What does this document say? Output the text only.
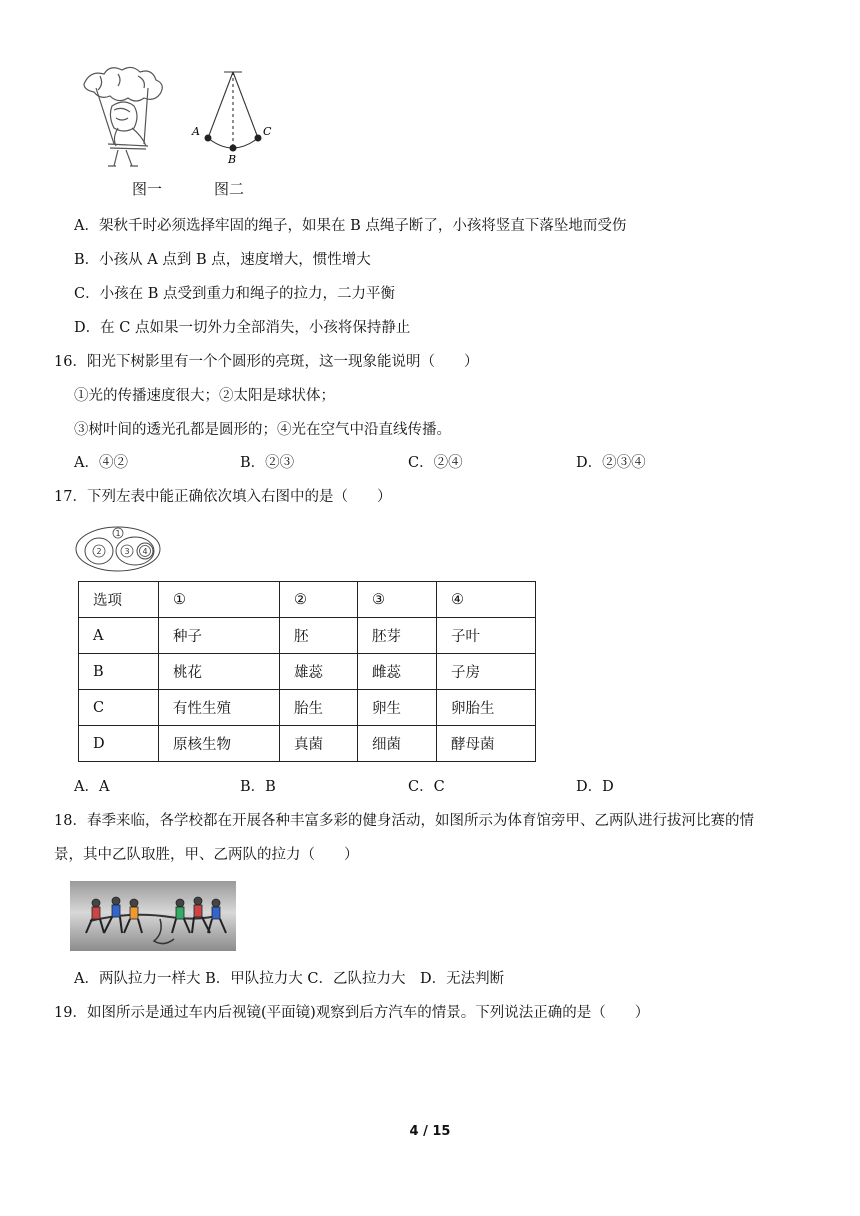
A
B
C
图一	图二
A．架秋千时必须选择牢固的绳子，如果在 B 点绳子断了，小孩将竖直下落坠地而受伤
B．小孩从 A 点到 B 点，速度增大，惯性增大
C．小孩在 B 点受到重力和绳子的拉力，二力平衡
D．在 C 点如果一切外力全部消失，小孩将保持静止
16．阳光下树影里有一个个圆形的亮斑，这一现象能说明（　　）
①光的传播速度很大；②太阳是球状体；
③树叶间的透光孔都是圆形的；④光在空气中沿直线传播。
A．④②	B．②③	C．②④	D．②③④
17．下列左表中能正确依次填入右图中的是（　　）
1
2	3 4
选项	①	②	③	④
A	种子	胚	胚芽	子叶
B	桃花	雄蕊	雌蕊	子房
C	有性生殖	胎生	卵生	卵胎生
D	原核生物	真菌	细菌	酵母菌
A．A	B．B	C．C	D．D
18．春季来临，各学校都在开展各种丰富多彩的健身活动，如图所示为体育馆旁甲、乙两队进行拔河比赛的情
景，其中乙队取胜，甲、乙两队的拉力（　　）
A．两队拉力一样大 B．甲队拉力大 C．乙队拉力大　D．无法判断
19．如图所示是通过车内后视镜(平面镜)观察到后方汽车的情景。下列说法正确的是（　　）
4 / 15
